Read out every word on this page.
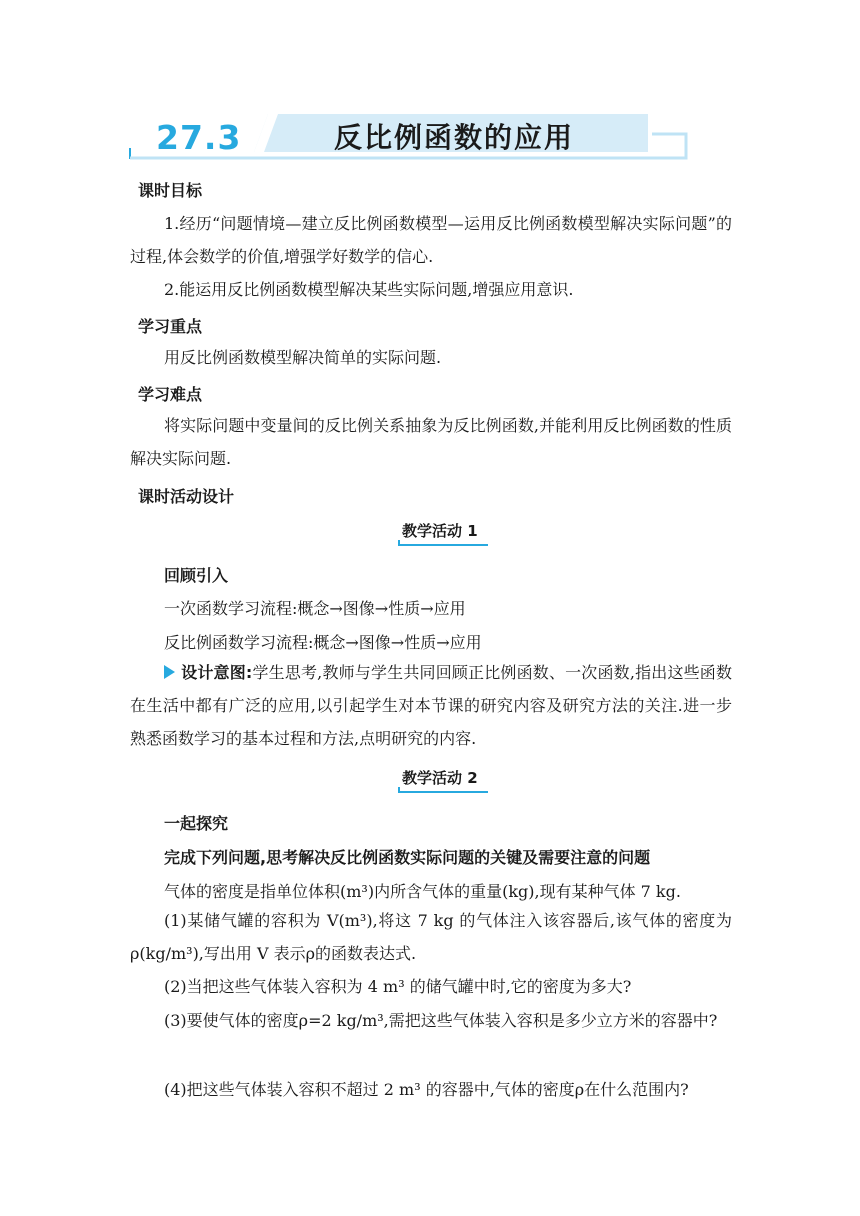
27.3	反比例函数的应用
课时目标

1.经历“问题情境—建立反比例函数模型—运用反比例函数模型解决实际问题”的过程,体会数学的价值,增强学好数学的信心.

2.能运用反比例函数模型解决某些实际问题,增强应用意识.

学习重点

用反比例函数模型解决简单的实际问题.

学习难点

将实际问题中变量间的反比例关系抽象为反比例函数,并能利用反比例函数的性质解决实际问题.

课时活动设计
教学活动 1
回顾引入
一次函数学习流程:概念→图像→性质→应用
反比例函数学习流程:概念→图像→性质→应用

设计意图:学生思考,教师与学生共同回顾正比例函数、一次函数,指出这些函数在生活中都有广泛的应用,以引起学生对本节课的研究内容及研究方法的关注.进一步熟悉函数学习的基本过程和方法,点明研究的内容.

教学活动 2
一起探究
完成下列问题,思考解决反比例函数实际问题的关键及需要注意的问题
气体的密度是指单位体积(m³)内所含气体的重量(kg),现有某种气体 7 kg.

(1)某储气罐的容积为 V(m³),将这 7 kg 的气体注入该容器后,该气体的密度为ρ(kg/m³),写出用 V 表示ρ的函数表达式.

(2)当把这些气体装入容积为 4 m³ 的储气罐中时,它的密度为多大?

(3)要使气体的密度ρ=2 kg/m³,需把这些气体装入容积是多少立方米的容器中?

(4)把这些气体装入容积不超过 2 m³ 的容器中,气体的密度ρ在什么范围内?
